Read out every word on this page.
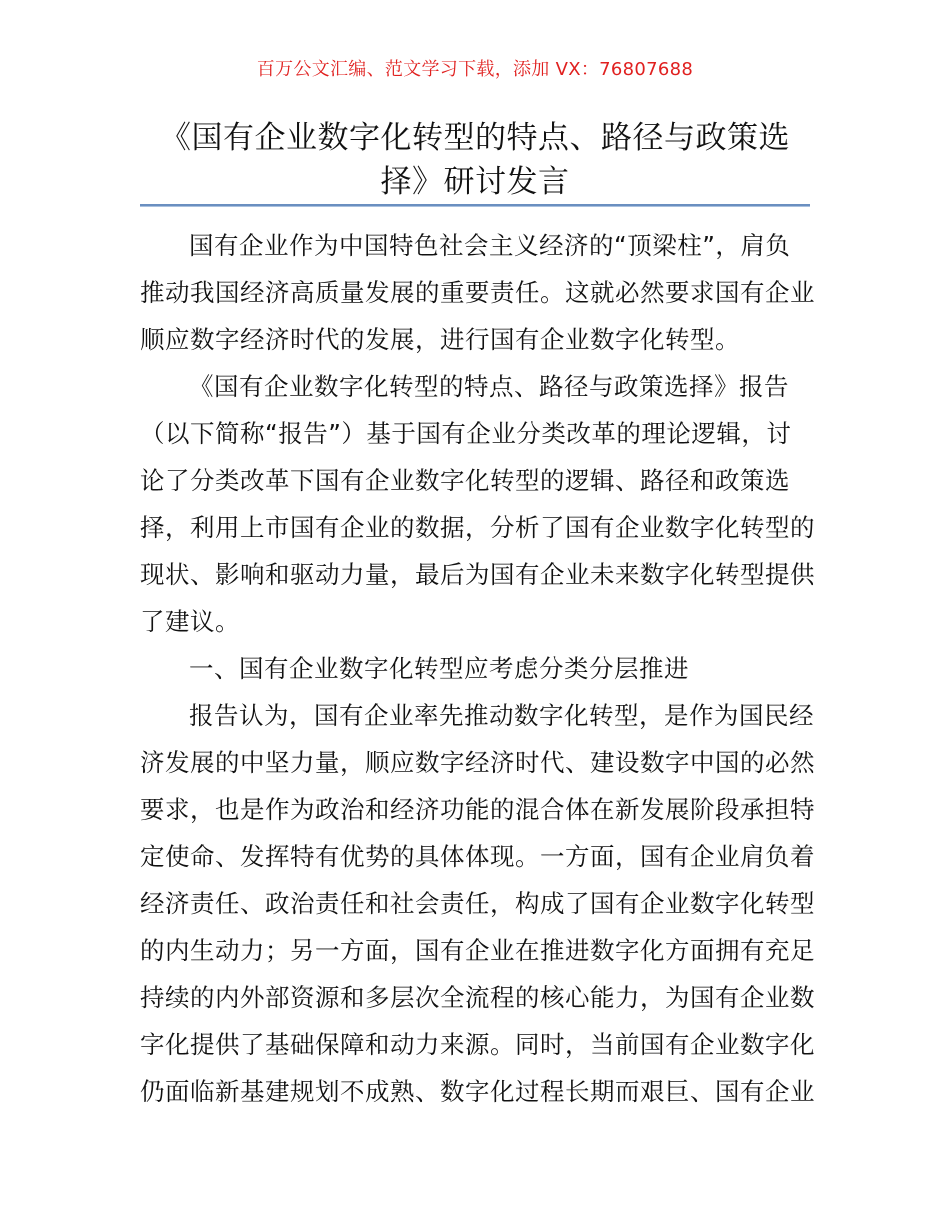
百万公文汇编、范文学习下载，添加 VX：76807688
《国有企业数字化转型的特点、路径与政策选
择》研讨发言

国有企业作为中国特色社会主义经济的“顶梁柱”，肩负
推动我国经济高质量发展的重要责任。这就必然要求国有企业
顺应数字经济时代的发展，进行国有企业数字化转型。

《国有企业数字化转型的特点、路径与政策选择》报告
（以下简称“报告”）基于国有企业分类改革的理论逻辑，讨
论了分类改革下国有企业数字化转型的逻辑、路径和政策选
择，利用上市国有企业的数据，分析了国有企业数字化转型的
现状、影响和驱动力量，最后为国有企业未来数字化转型提供
了建议。

一、国有企业数字化转型应考虑分类分层推进

报告认为，国有企业率先推动数字化转型，是作为国民经
济发展的中坚力量，顺应数字经济时代、建设数字中国的必然
要求，也是作为政治和经济功能的混合体在新发展阶段承担特
定使命、发挥特有优势的具体体现。一方面，国有企业肩负着
经济责任、政治责任和社会责任，构成了国有企业数字化转型
的内生动力；另一方面，国有企业在推进数字化方面拥有充足
持续的内外部资源和多层次全流程的核心能力，为国有企业数
字化提供了基础保障和动力来源。同时，当前国有企业数字化
仍面临新基建规划不成熟、数字化过程长期而艰巨、国有企业
